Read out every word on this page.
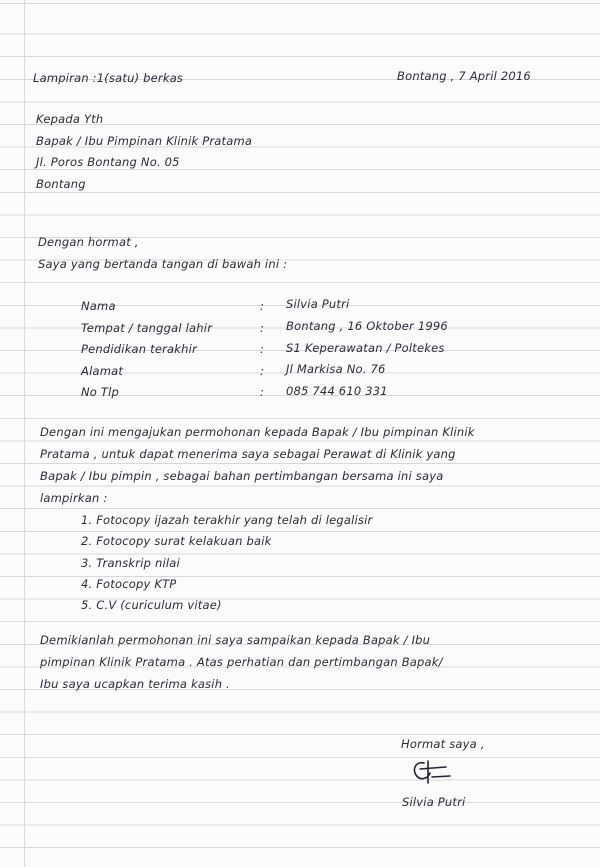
Lampiran :1(satu) berkas	Bontang , 7 April 2016
Kepada Yth
Bapak / Ibu Pimpinan Klinik Pratama
Jl. Poros Bontang No. 05
Bontang
Dengan hormat ,
Saya yang bertanda tangan di bawah ini :
Nama	: Silvia Putri
Tempat / tanggal lahir	: Bontang , 16 Oktober 1996
Pendidikan terakhir	: S1 Keperawatan / Poltekes
Alamat	: Jl Markisa No. 76
No Tlp	: 085 744 610 331
Dengan ini mengajukan permohonan kepada Bapak / Ibu pimpinan Klinik
Pratama , untuk dapat menerima saya sebagai Perawat di Klinik yang
Bapak / Ibu pimpin , sebagai bahan pertimbangan bersama ini saya
lampirkan :
1. Fotocopy ijazah terakhir yang telah di legalisir
2. Fotocopy surat kelakuan baik
3. Transkrip nilai
4. Fotocopy KTP
5. C.V (curiculum vitae)
Demikianlah permohonan ini saya sampaikan kepada Bapak / Ibu
pimpinan Klinik Pratama . Atas perhatian dan pertimbangan Bapak/
Ibu saya ucapkan terima kasih .
Hormat saya ,
Silvia Putri
